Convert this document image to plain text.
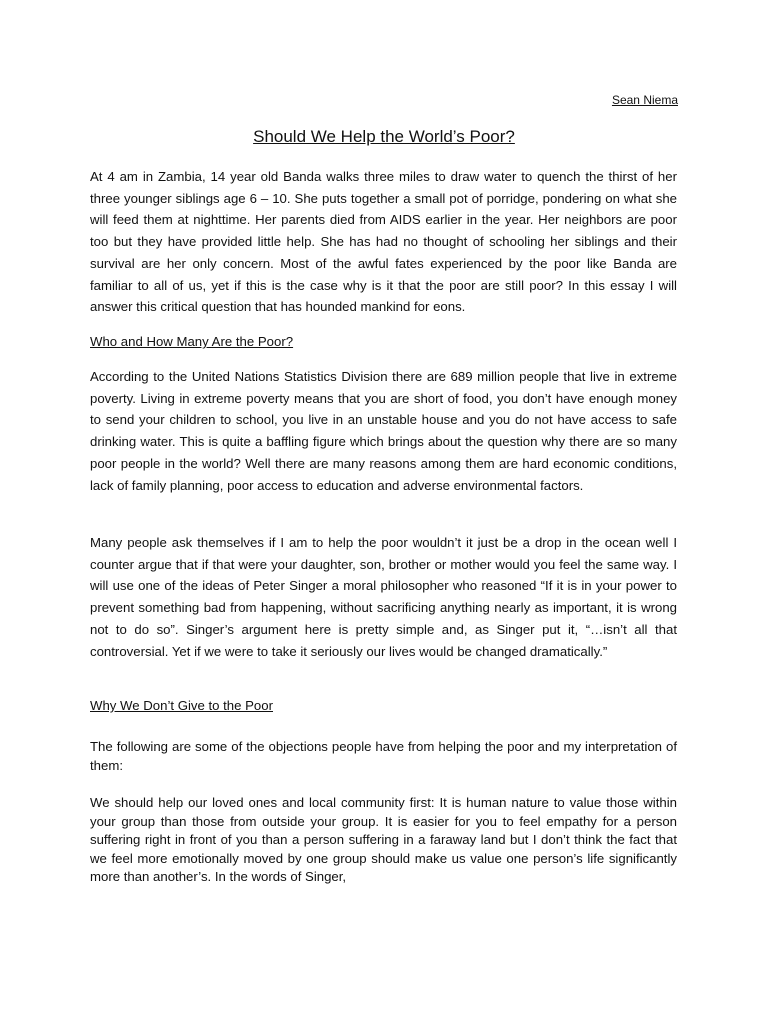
Sean Niema

Should We Help the World’s Poor?

At 4 am in Zambia, 14 year old Banda walks three miles to draw water to quench the thirst of her three younger siblings age 6 – 10. She puts together a small pot of porridge, pondering on what she will feed them at nighttime. Her parents died from AIDS earlier in the year. Her neighbors are poor too but they have provided little help. She has had no thought of schooling her siblings and their survival are her only concern. Most of the awful fates experienced by the poor like Banda are familiar to all of us, yet if this is the case why is it that the poor are still poor? In this essay I will answer this critical question that has hounded mankind for eons.

Who and How Many Are the Poor?

According to the United Nations Statistics Division there are 689 million people that live in extreme poverty. Living in extreme poverty means that you are short of food, you don’t have enough money to send your children to school, you live in an unstable house and you do not have access to safe drinking water. This is quite a baffling figure which brings about the question why there are so many poor people in the world? Well there are many reasons among them are hard economic conditions, lack of family planning, poor access to education and adverse environmental factors.

Many people ask themselves if I am to help the poor wouldn’t it just be a drop in the ocean well I counter argue that if that were your daughter, son, brother or mother would you feel the same way. I will use one of the ideas of Peter Singer a moral philosopher who reasoned “If it is in your power to prevent something bad from happening, without sacrificing anything nearly as important, it is wrong not to do so”. Singer’s argument here is pretty simple and, as Singer put it, “…isn’t all that controversial. Yet if we were to take it seriously our lives would be changed dramatically.”

Why We Don’t Give to the Poor

The following are some of the objections people have from helping the poor and my interpretation of them:

We should help our loved ones and local community first: It is human nature to value those within your group than those from outside your group. It is easier for you to feel empathy for a person suffering right in front of you than a person suffering in a faraway land but I don’t think the fact that we feel more emotionally moved by one group should make us value one person’s life significantly more than another’s. In the words of Singer,
